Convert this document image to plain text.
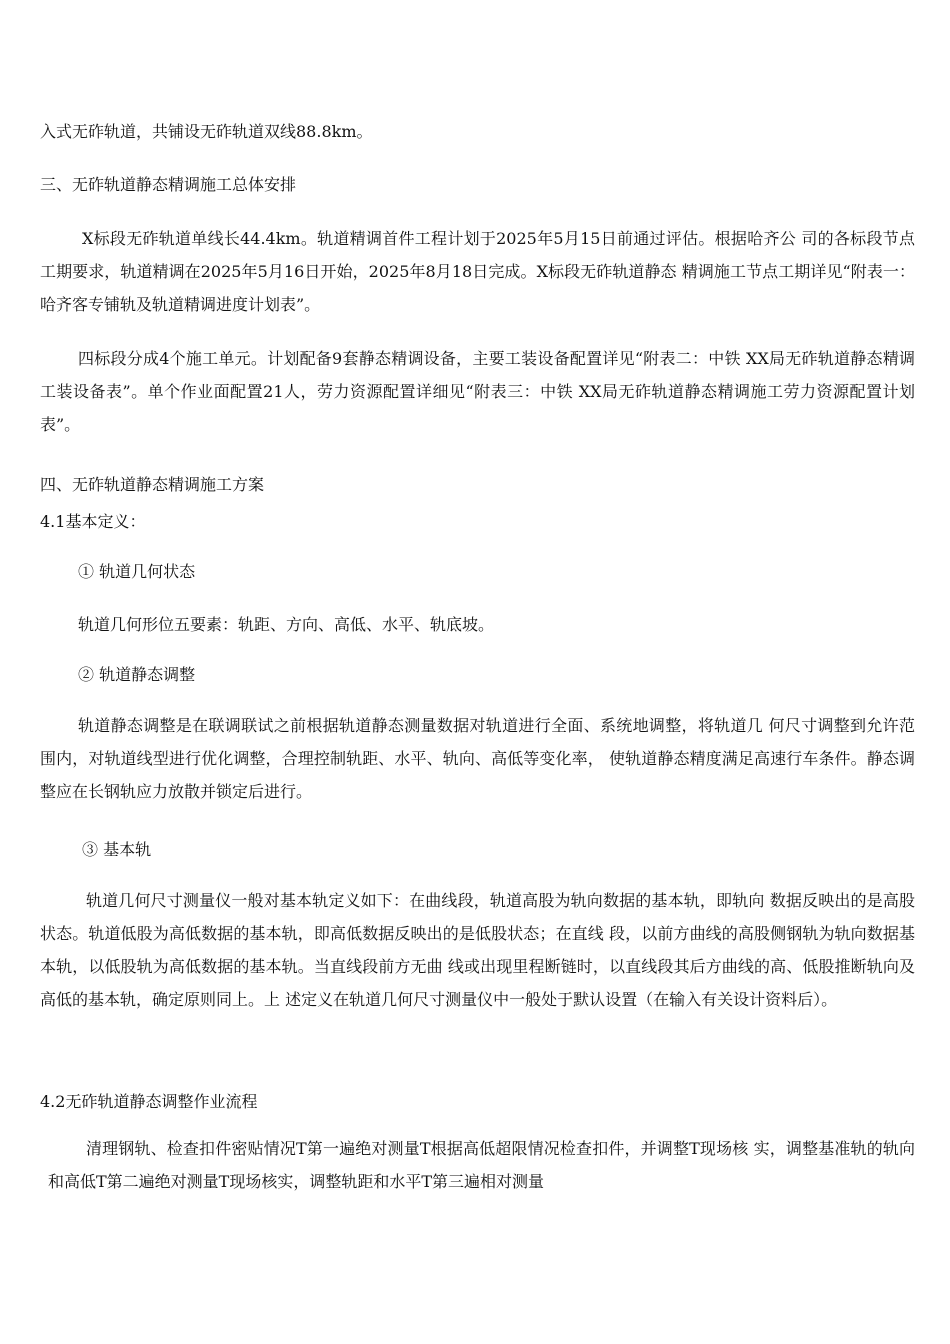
入式无砟轨道，共铺设无砟轨道双线88.8km。
三、无砟轨道静态精调施工总体安排

X标段无砟轨道单线长44.4km。轨道精调首件工程计划于2025年5月15日前通过评估。根据哈齐公 司的各标段节点工期要求，轨道精调在2025年5月16日开始，2025年8月18日完成。X标段无砟轨道静态 精调施工节点工期详见“附表一：哈齐客专铺轨及轨道精调进度计划表”。

四标段分成4个施工单元。计划配备9套静态精调设备，主要工装设备配置详见“附表二：中铁 XX局无砟轨道静态精调工装设备表”。单个作业面配置21人，劳力资源配置详细见“附表三：中铁 XX局无砟轨道静态精调施工劳力资源配置计划表”。

四、无砟轨道静态精调施工方案
4.1基本定义：
① 轨道几何状态
轨道几何形位五要素：轨距、方向、高低、水平、轨底坡。
② 轨道静态调整

轨道静态调整是在联调联试之前根据轨道静态测量数据对轨道进行全面、系统地调整，将轨道几 何尺寸调整到允许范围内，对轨道线型进行优化调整，合理控制轨距、水平、轨向、高低等变化率， 使轨道静态精度满足高速行车条件。静态调整应在长钢轨应力放散并锁定后进行。

③ 基本轨

轨道几何尺寸测量仪一般对基本轨定义如下：在曲线段，轨道高股为轨向数据的基本轨，即轨向 数据反映出的是高股状态。轨道低股为高低数据的基本轨，即高低数据反映出的是低股状态；在直线 段，以前方曲线的高股侧钢轨为轨向数据基本轨，以低股轨为高低数据的基本轨。当直线段前方无曲 线或出现里程断链时，以直线段其后方曲线的高、低股推断轨向及高低的基本轨，确定原则同上。上 述定义在轨道几何尺寸测量仪中一般处于默认设置（在输入有关设计资料后）。

4.2无砟轨道静态调整作业流程

清理钢轨、检查扣件密贴情况T第一遍绝对测量T根据高低超限情况检查扣件，并调整T现场核 实，调整基准轨的轨向和高低T第二遍绝对测量T现场核实，调整轨距和水平T第三遍相对测量
